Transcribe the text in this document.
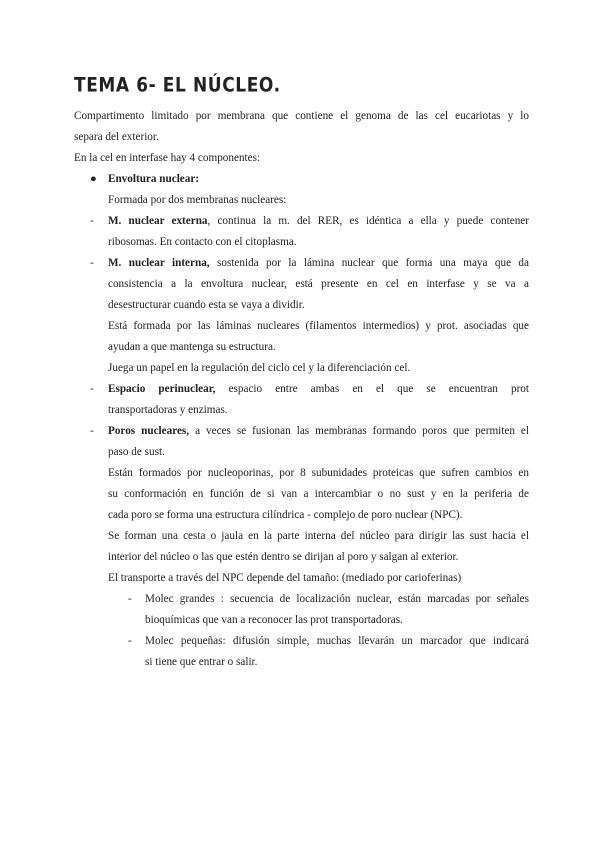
TEMA 6- EL NÚCLEO.
Compartimento limitado por membrana que contiene el genoma de las cel eucariotas y lo
separa del exterior.
En la cel en interfase hay 4 componentes:
● Envoltura nuclear:
Formada por dos membranas nucleares:
- M. nuclear externa, continua la m. del RER, es idéntica a ella y puede contener
ribosomas. En contacto con el citoplasma.
- M. nuclear interna, sostenida por la lámina nuclear que forma una maya que da
consistencia a la envoltura nuclear, está presente en cel en interfase y se va a
desestructurar cuando esta se vaya a dividir.
Está formada por las láminas nucleares (filamentos intermedios) y prot. asociadas que
ayudan a que mantenga su estructura.
Juega un papel en la regulación del ciclo cel y la diferenciación cel.
- Espacio perinuclear, espacio entre ambas en el que se encuentran prot
transportadoras y enzimas.
- Poros nucleares, a veces se fusionan las membranas formando poros que permiten el
paso de sust.
Están formados por nucleoporinas, por 8 subunidades proteicas que sufren cambios en
su conformación en función de si van a intercambiar o no sust y en la periferia de
cada poro se forma una estructura cilíndrica - complejo de poro nuclear (NPC).
Se forman una cesta o jaula en la parte interna del núcleo para dirigir las sust hacia el
interior del núcleo o las que estén dentro se dirijan al poro y salgan al exterior.
El transporte a través del NPC depende del tamaño: (mediado por carioferinas)
- Molec grandes : secuencia de localización nuclear, están marcadas por señales
bioquímicas que van a reconocer las prot transportadoras.
- Molec pequeñas: difusión simple, muchas llevarán un marcador que indicará
si tiene que entrar o salir.
